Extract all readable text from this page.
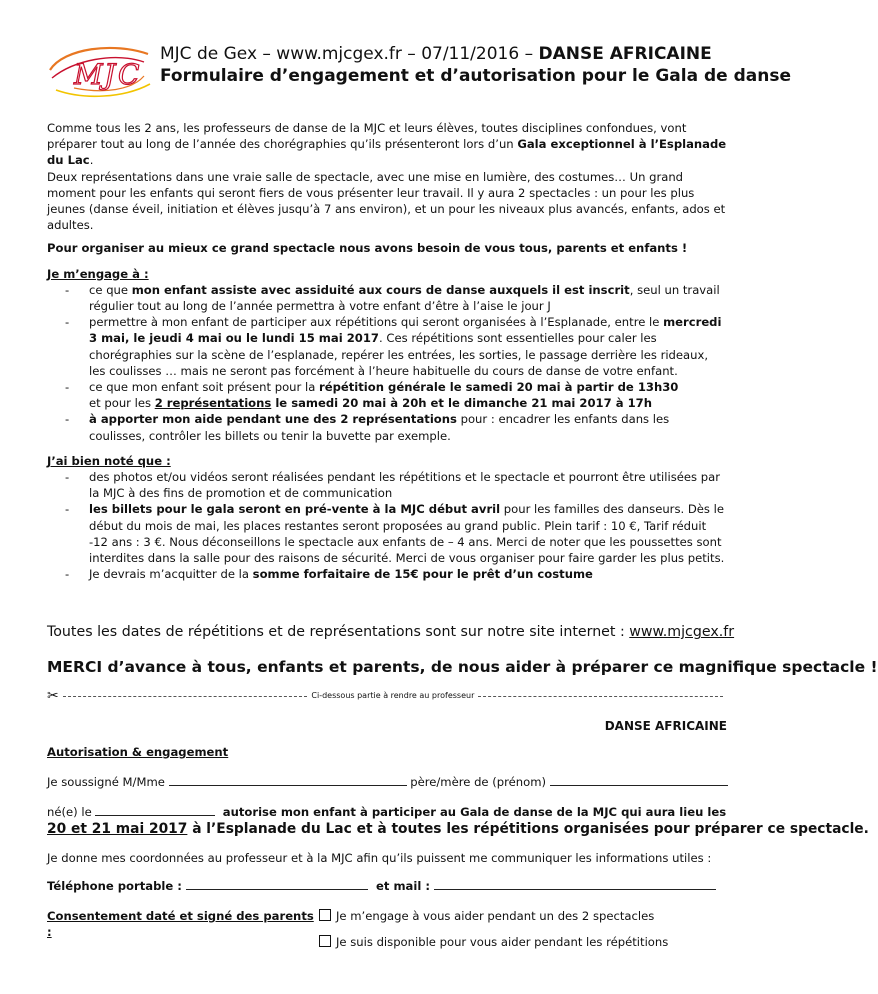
M J C
MJC de Gex – www.mjcgex.fr – 07/11/2016 – DANSE AFRICAINE
Formulaire d’engagement et d’autorisation pour le Gala de danse

Comme tous les 2 ans, les professeurs de danse de la MJC et leurs élèves, toutes disciplines confondues, vont préparer tout au long de l’année des chorégraphies qu’ils présenteront lors d’un Gala exceptionnel à l’Esplanade du Lac.

Deux représentations dans une vraie salle de spectacle, avec une mise en lumière, des costumes… Un grand moment pour les enfants qui seront fiers de vous présenter leur travail. Il y aura 2 spectacles : un pour les plus jeunes (danse éveil, initiation et élèves jusqu’à 7 ans environ), et un pour les niveaux plus avancés, enfants, ados et adultes.

Pour organiser au mieux ce grand spectacle nous avons besoin de vous tous, parents et enfants !

Je m’engage à :

- ce que mon enfant assiste avec assiduité aux cours de danse auxquels il est inscrit, seul un travail régulier tout au long de l’année permettra à votre enfant d’être à l’aise le jour J
- permettre à mon enfant de participer aux répétitions qui seront organisées à l’Esplanade, entre le mercredi 3 mai, le jeudi 4 mai ou le lundi 15 mai 2017. Ces répétitions sont essentielles pour caler les chorégraphies sur la scène de l’esplanade, repérer les entrées, les sorties, le passage derrière les rideaux, les coulisses … mais ne seront pas forcément à l’heure habituelle du cours de danse de votre enfant.
- ce que mon enfant soit présent pour la répétition générale le samedi 20 mai à partir de 13h30
et pour les 2 représentations le samedi 20 mai à 20h et le dimanche 21 mai 2017 à 17h
- à apporter mon aide pendant une des 2 représentations pour : encadrer les enfants dans les coulisses, contrôler les billets ou tenir la buvette par exemple.

J’ai bien noté que :

- des photos et/ou vidéos seront réalisées pendant les répétitions et le spectacle et pourront être utilisées par la MJC à des fins de promotion et de communication
- les billets pour le gala seront en pré-vente à la MJC début avril pour les familles des danseurs. Dès le début du mois de mai, les places restantes seront proposées au grand public. Plein tarif : 10 €, Tarif réduit -12 ans : 3 €. Nous déconseillons le spectacle aux enfants de – 4 ans. Merci de noter que les poussettes sont interdites dans la salle pour des raisons de sécurité. Merci de vous organiser pour faire garder les plus petits.
- Je devrais m’acquitter de la somme forfaitaire de 15€ pour le prêt d’un costume

Toutes les dates de répétitions et de représentations sont sur notre site internet : www.mjcgex.fr

MERCI d’avance à tous, enfants et parents, de nous aider à préparer ce magnifique spectacle !

✂	Ci-dessous partie à rendre au professeur

DANSE AFRICAINE

Autorisation & engagement

Je soussigné M/Mme	père/mère de (prénom)

né(e) le	autorise mon enfant à participer au Gala de danse de la MJC qui aura lieu les

20 et 21 mai 2017 à l’Esplanade du Lac et à toutes les répétitions organisées pour préparer ce spectacle.

Je donne mes coordonnées au professeur et à la MJC afin qu’ils puissent me communiquer les informations utiles :

Téléphone portable :	et mail :

Consentement daté et signé des parents :
Je m’engage à vous aider pendant un des 2 spectacles
Je suis disponible pour vous aider pendant les répétitions
